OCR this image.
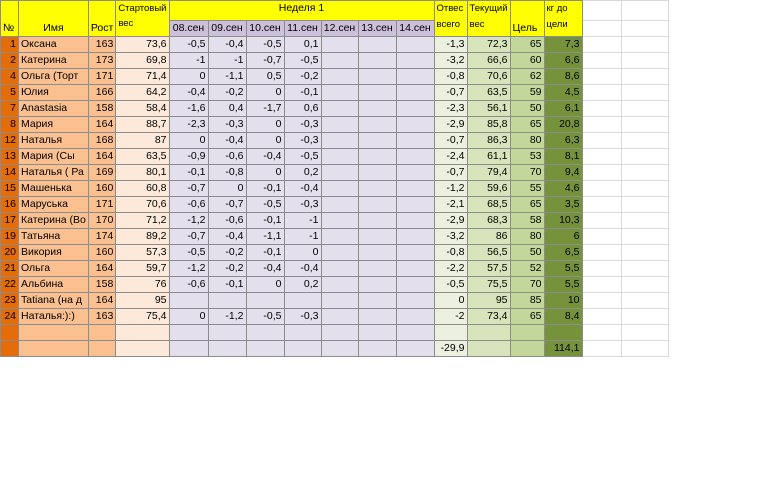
№	Имя	Рост	Стартовый вес	Неделя 1							Отвес всего	Текущий вес	Цель	кг до цели		
				08.сен	09.сен	10.сен	11.сен	12.сен	13.сен	14.сен						
1	Оксана	163	73,6	-0,5	-0,4	-0,5	0,1				-1,3	72,3	65	7,3		
2	Катерина	173	69,8	-1	-1	-0,7	-0,5				-3,2	66,6	60	6,6		
4	Ольга (Торт	171	71,4	0	-1,1	0,5	-0,2				-0,8	70,6	62	8,6		
5	Юлия	166	64,2	-0,4	-0,2	0	-0,1				-0,7	63,5	59	4,5		
7	Anastasia	158	58,4	-1,6	0,4	-1,7	0,6				-2,3	56,1	50	6,1		
8	Мария	164	88,7	-2,3	-0,3	0	-0,3				-2,9	85,8	65	20,8		
12	Наталья	168	87	0	-0,4	0	-0,3				-0,7	86,3	80	6,3		
13	Мария (Сы	164	63,5	-0,9	-0,6	-0,4	-0,5				-2,4	61,1	53	8,1		
14	Наталья ( Ра	169	80,1	-0,1	-0,8	0	0,2				-0,7	79,4	70	9,4		
15	Машенька	160	60,8	-0,7	0	-0,1	-0,4				-1,2	59,6	55	4,6		
16	Маруська	171	70,6	-0,6	-0,7	-0,5	-0,3				-2,1	68,5	65	3,5		
17	Катерина (Во	170	71,2	-1,2	-0,6	-0,1	-1				-2,9	68,3	58	10,3		
19	Татьяна	174	89,2	-0,7	-0,4	-1,1	-1				-3,2	86	80	6		
20	Викория	160	57,3	-0,5	-0,2	-0,1	0				-0,8	56,5	50	6,5		
21	Ольга	164	59,7	-1,2	-0,2	-0,4	-0,4				-2,2	57,5	52	5,5		
22	Альбина	158	76	-0,6	-0,1	0	0,2				-0,5	75,5	70	5,5		
23	Tatiana (на д	164	95								0	95	85	10		
24	Наталья:):)	163	75,4	0	-1,2	-0,5	-0,3				-2	73,4	65	8,4		

											-29,9			114,1		
